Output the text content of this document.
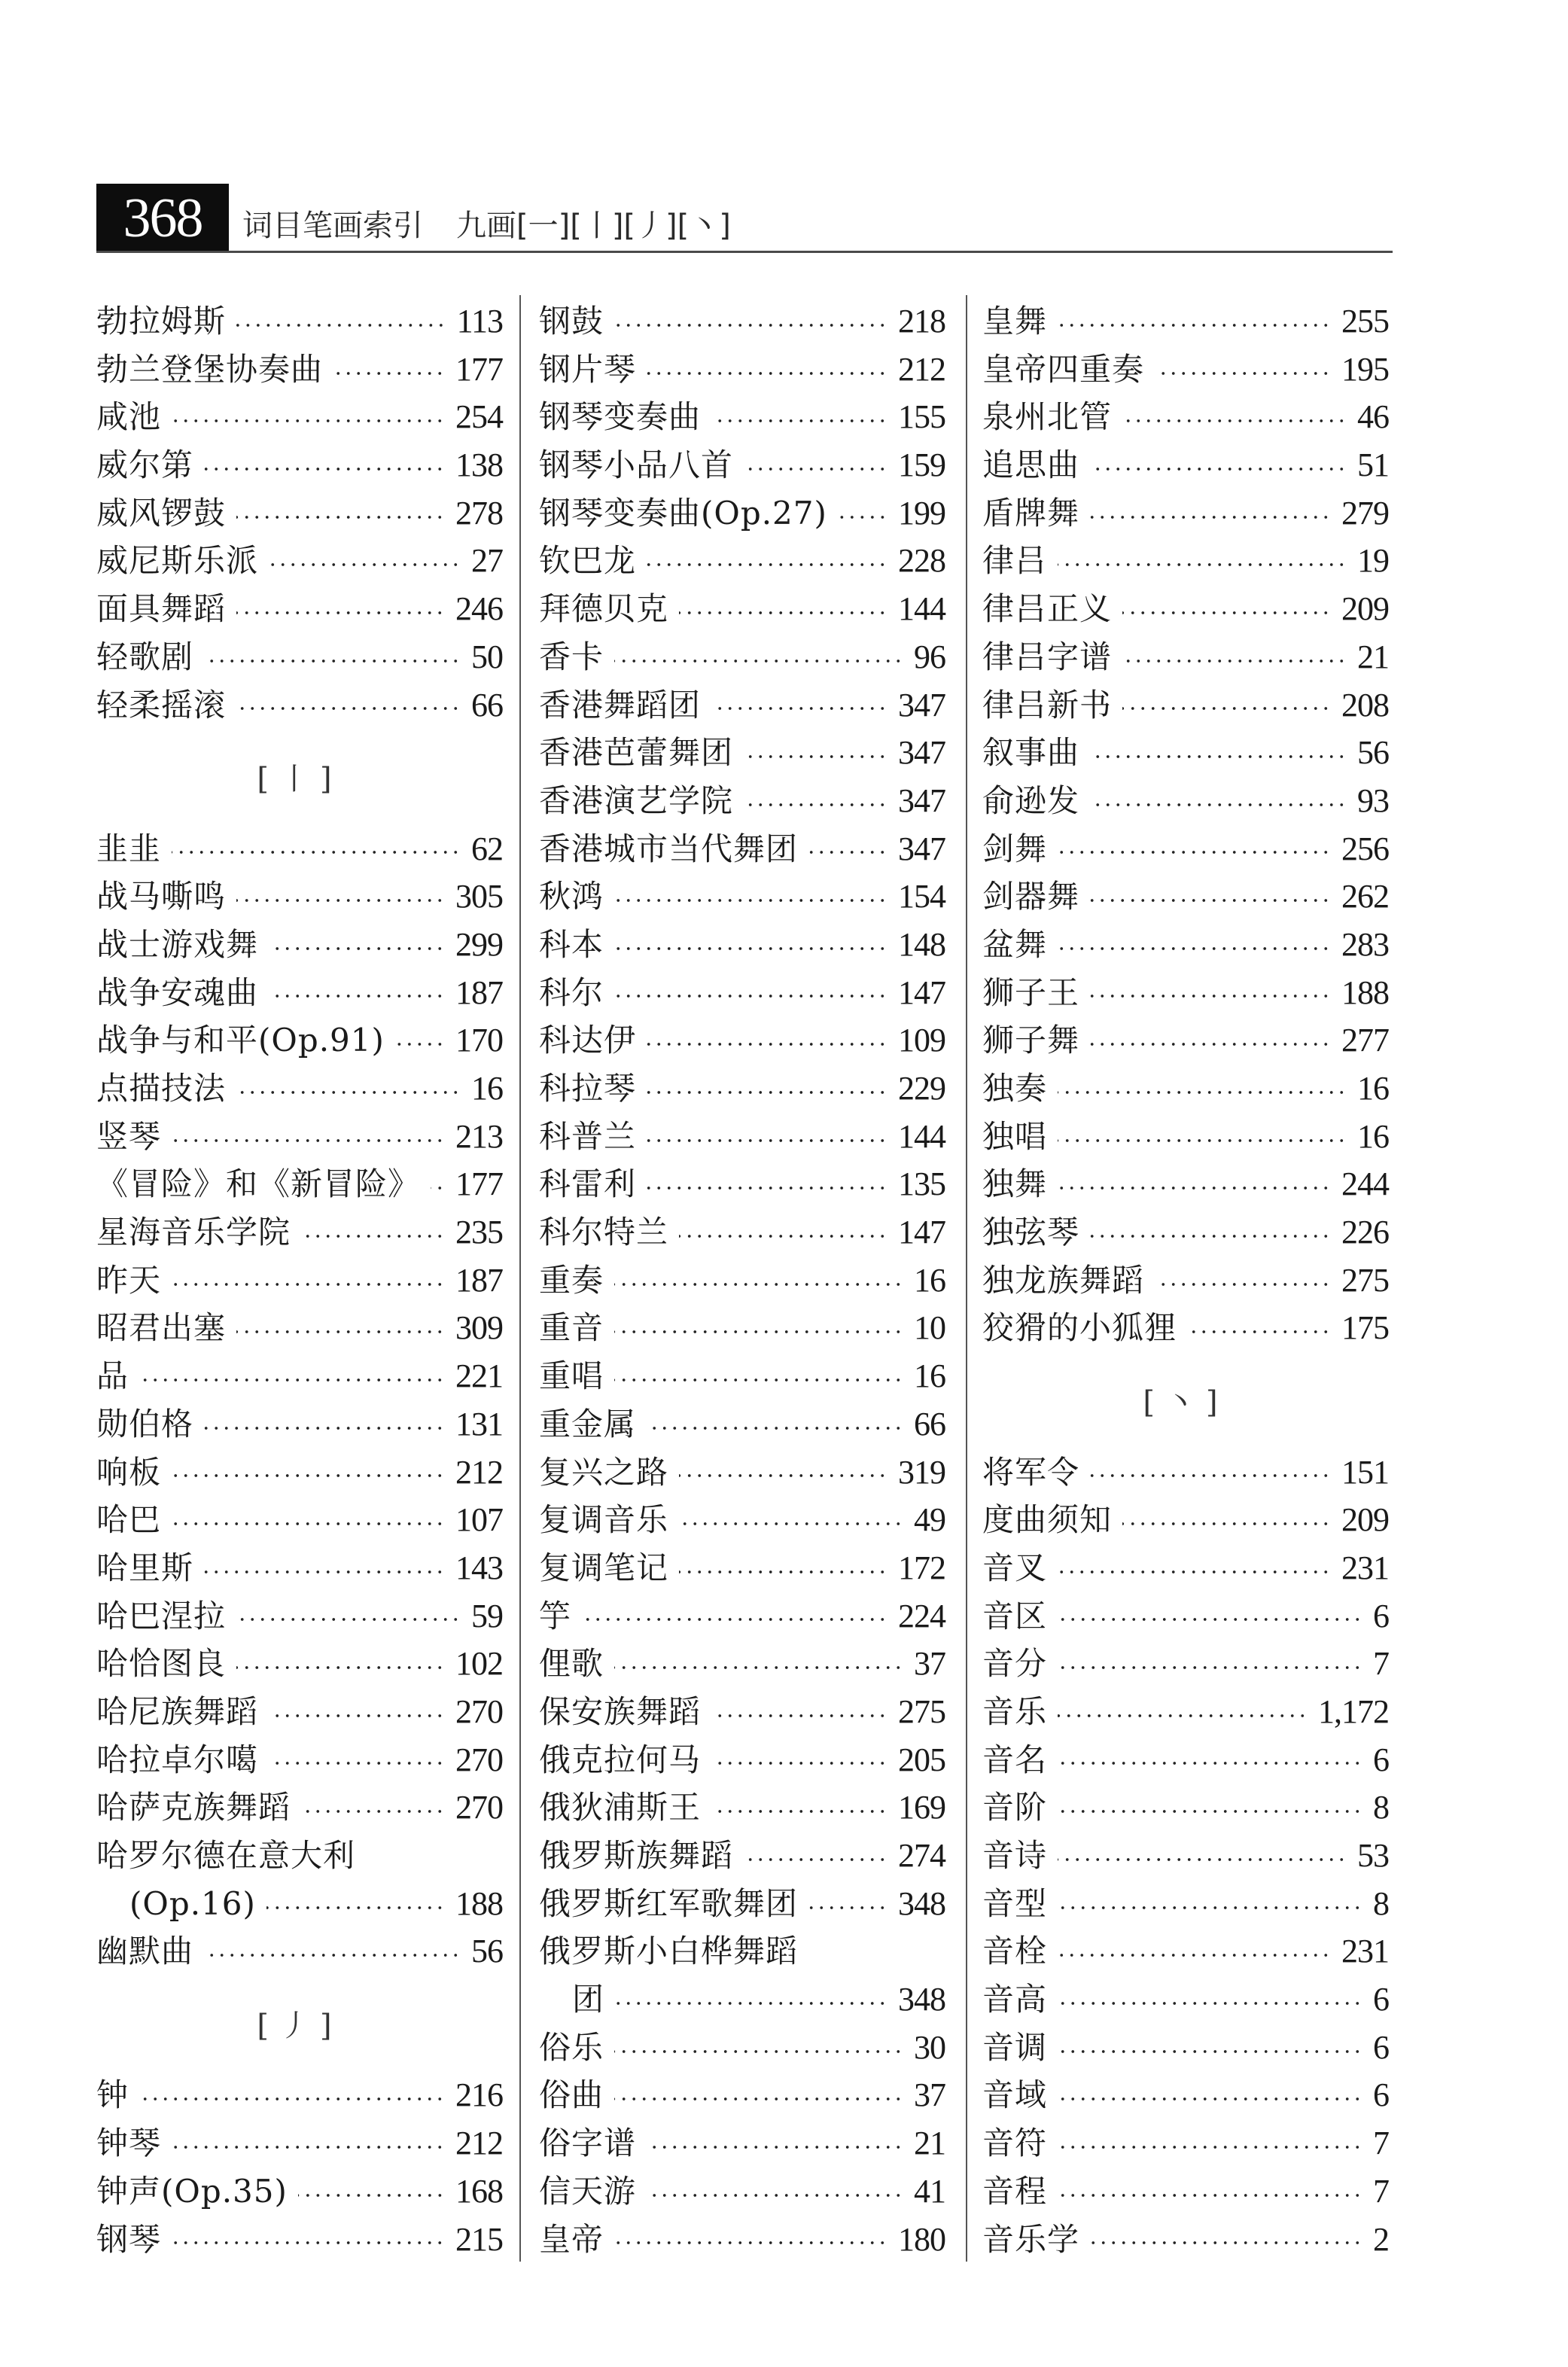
368	词目笔画索引 九画[一][丨][丿][丶]
勃拉姆斯	113
勃兰登堡协奏曲	177
咸池	254
威尔第	138
威风锣鼓	278
威尼斯乐派	27
面具舞蹈	246
轻歌剧	50
轻柔摇滚	66
[丨]
韭韭	62
战马嘶鸣	305
战士游戏舞	299
战争安魂曲	187
战争与和平(Op.91) 170
点描技法	16
竖琴	213
《冒险》和《新冒险》 177
星海音乐学院	235
昨天	187
昭君出塞	309
品	221
勋伯格	131
响板	212
哈巴	107
哈里斯	143
哈巴涅拉	59
哈恰图良	102
哈尼族舞蹈	270
哈拉卓尔噶	270
哈萨克族舞蹈	270
哈罗尔德在意大利
(Op.16)	188
幽默曲	56
[丿]
钟	216
钟琴	212
钟声(Op.35)	168
钢琴	215
钢鼓	218
钢片琴	212
钢琴变奏曲	155
钢琴小品八首	159
钢琴变奏曲(Op.27) 199
钦巴龙	228
拜德贝克	144
香卡	96
香港舞蹈团	347
香港芭蕾舞团	347
香港演艺学院	347
香港城市当代舞团	347
秋鸿	154
科本	148
科尔	147
科达伊	109
科拉琴	229
科普兰	144
科雷利	135
科尔特兰	147
重奏	16
重音	10
重唱	16
重金属	66
复兴之路	319
复调音乐	49
复调笔记	172
竽	224
俚歌	37
保安族舞蹈	275
俄克拉何马	205
俄狄浦斯王	169
俄罗斯族舞蹈	274
俄罗斯红军歌舞团	348
俄罗斯小白桦舞蹈
团	348
俗乐	30
俗曲	37
俗字谱	21
信天游	41
皇帝	180
皇舞	255
皇帝四重奏	195
泉州北管	46
追思曲	51
盾牌舞	279
律吕	19
律吕正义	209
律吕字谱	21
律吕新书	208
叙事曲	56
俞逊发	93
剑舞	256
剑器舞	262
盆舞	283
狮子王	188
狮子舞	277
独奏	16
独唱	16
独舞	244
独弦琴	226
独龙族舞蹈	275
狡猾的小狐狸	175
[丶]
将军令	151
度曲须知	209
音叉	231
音区	6
音分	7
音乐	1,172
音名	6
音阶	8
音诗	53
音型	8
音栓	231
音高	6
音调	6
音域	6
音符	7
音程	7
音乐学	2
